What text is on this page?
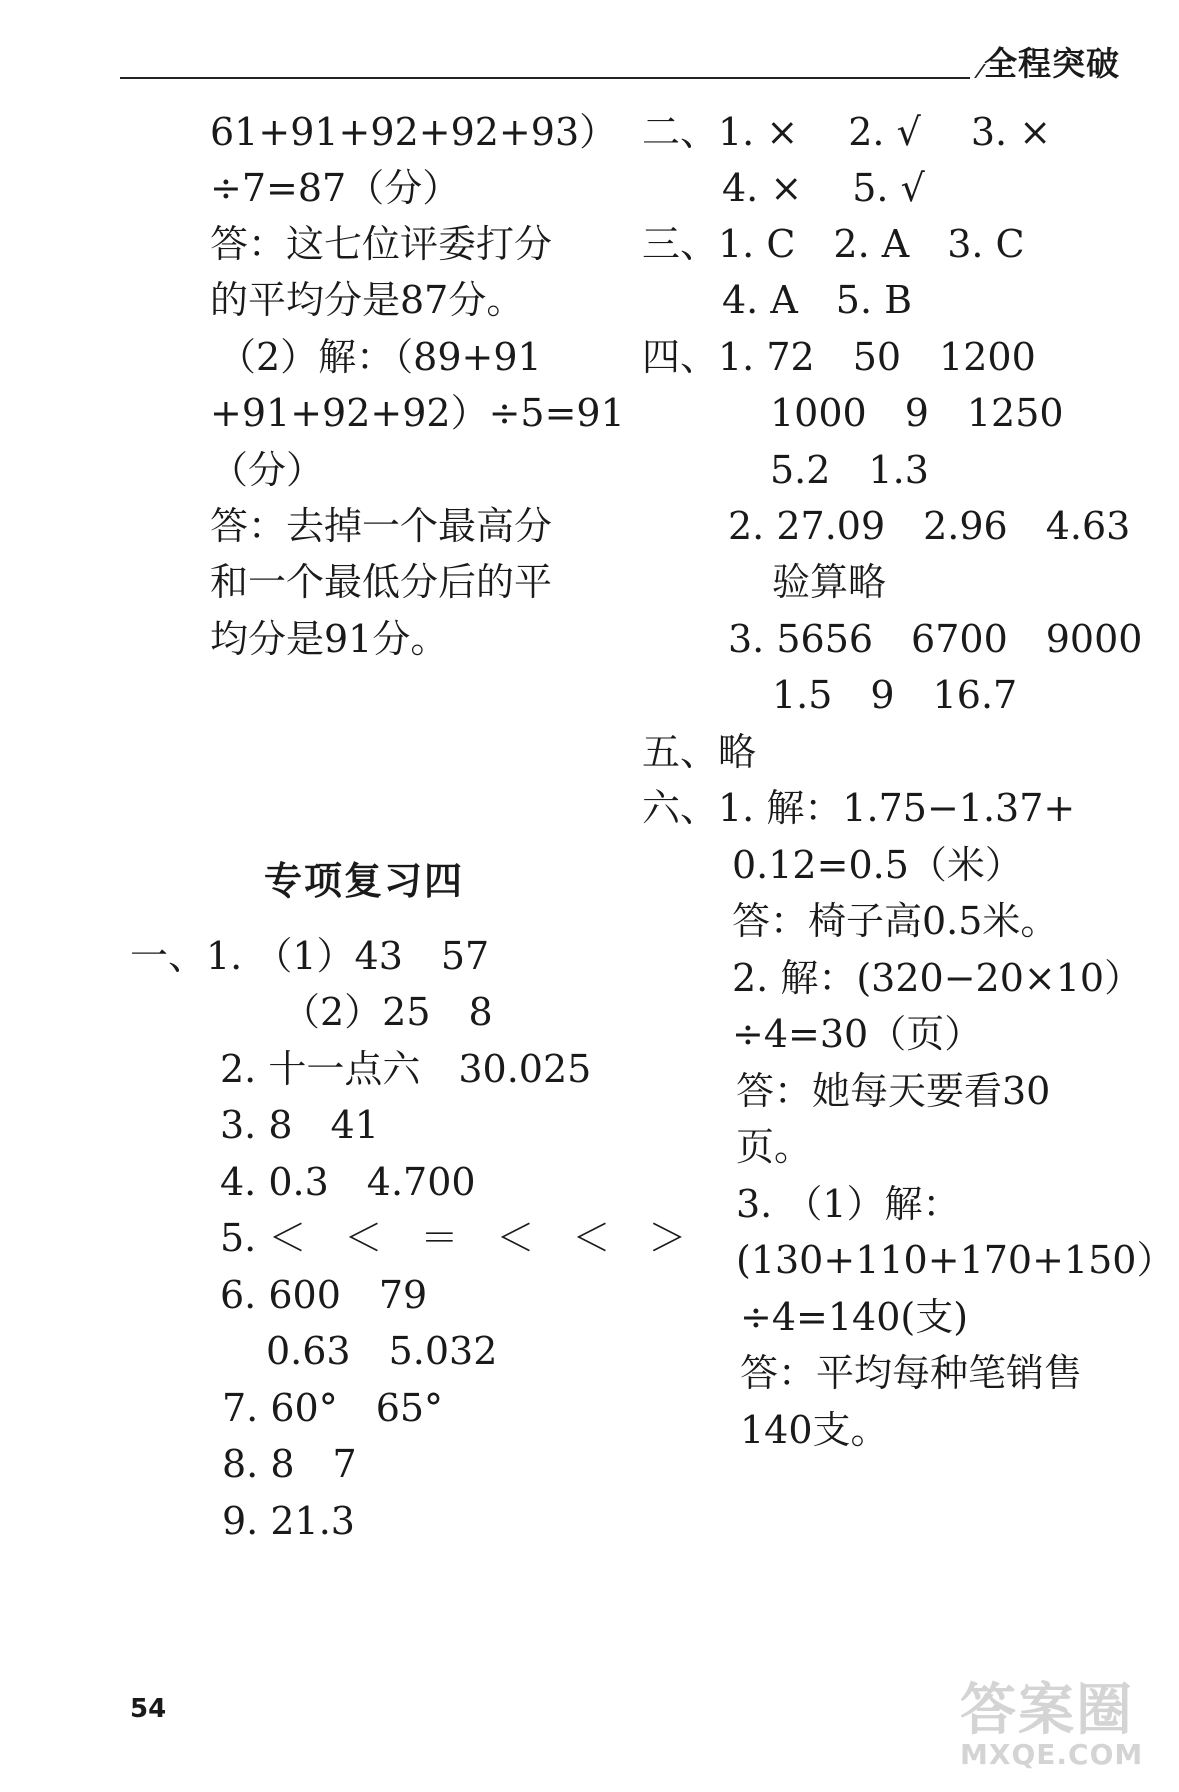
全程突破
61+91+92+92+93）
÷7=87（分）
答：这七位评委打分
的平均分是87分。
（2）解：（89+91
+91+92+92）÷5=91
（分）
答：去掉一个最高分
和一个最低分后的平
均分是91分。
专项复习四
一、1. （1）43　57
（2）25　8
2. 十一点六　30.025
3. 8　41
4. 0.3　4.700
5. ＜　＜　＝　＜　＜　＞
6. 600　79
0.63　5.032
7. 60°　65°
8. 8　7
9. 21.3
二、1. ×　 2. √　 3. ×
4. ×　 5. √
三、1. C　2. A　3. C
4. A　5. B
四、1. 72　50　1200
1000　9　1250
5.2　1.3
2. 27.09　2.96　4.63
验算略
3. 5656　6700　9000
1.5　9　16.7
五、略
六、1. 解：1.75−1.37+
0.12=0.5（米）
答：椅子高0.5米。
2. 解：(320−20×10）
÷4=30（页）
答：她每天要看30
页。
3. （1）解：
(130+110+170+150）
÷4=140(支)
答：平均每种笔销售
140支。
54	答案圈
MXQE.COM
